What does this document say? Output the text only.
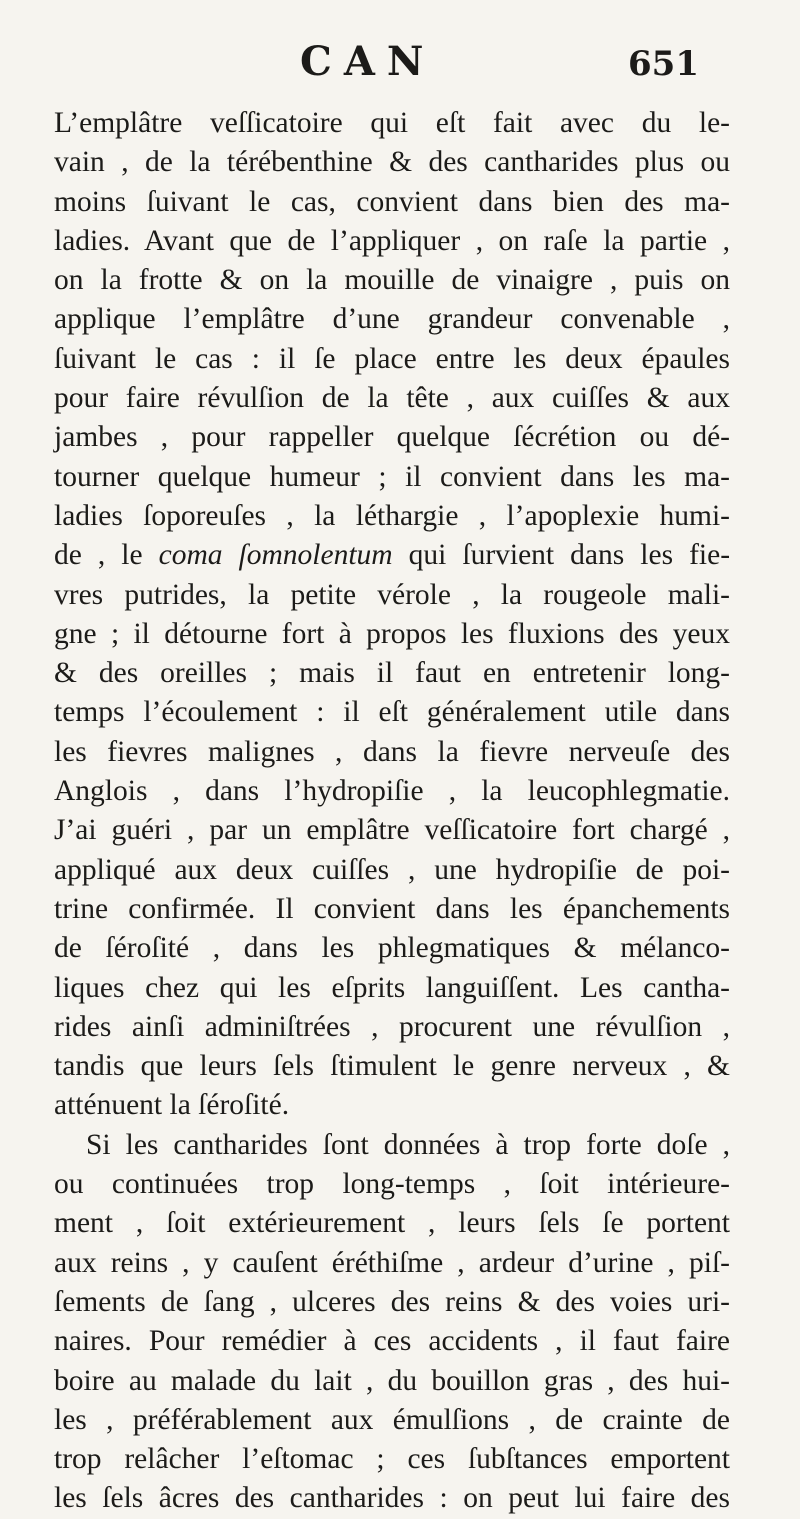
CAN	651
L’emplâtre veſſicatoire qui eſt fait avec du le-
vain , de la térébenthine & des cantharides plus ou
moins ſuivant le cas, convient dans bien des ma-
ladies. Avant que de l’appliquer , on raſe la partie ,
on la frotte & on la mouille de vinaigre , puis on
applique l’emplâtre d’une grandeur convenable ,
ſuivant le cas : il ſe place entre les deux épaules
pour faire révulſion de la tête , aux cuiſſes & aux
jambes , pour rappeller quelque ſécrétion ou dé-
tourner quelque humeur ; il convient dans les ma-
ladies ſoporeuſes , la léthargie , l’apoplexie humi-
de , le coma ſomnolentum qui ſurvient dans les fie-
vres putrides, la petite vérole , la rougeole mali-
gne ; il détourne fort à propos les fluxions des yeux
& des oreilles ; mais il faut en entretenir long-
temps l’écoulement : il eſt généralement utile dans
les fievres malignes , dans la fievre nerveuſe des
Anglois , dans l’hydropiſie , la leucophlegmatie.
J’ai guéri , par un emplâtre veſſicatoire fort chargé ,
appliqué aux deux cuiſſes , une hydropiſie de poi-
trine confirmée. Il convient dans les épanchements
de ſéroſité , dans les phlegmatiques & mélanco-
liques chez qui les eſprits languiſſent. Les cantha-
rides ainſi adminiſtrées , procurent une révulſion ,
tandis que leurs ſels ſtimulent le genre nerveux , &
atténuent la ſéroſité.
Si les cantharides ſont données à trop forte doſe ,
ou continuées trop long-temps , ſoit intérieure-
ment , ſoit extérieurement , leurs ſels ſe portent
aux reins , y cauſent éréthiſme , ardeur d’urine , piſ-
ſements de ſang , ulceres des reins & des voies uri-
naires. Pour remédier à ces accidents , il faut faire
boire au malade du lait , du bouillon gras , des hui-
les , préférablement aux émulſions , de crainte de
trop relâcher l’eſtomac ; ces ſubſtances emportent
les ſels âcres des cantharides : on peut lui faire des
